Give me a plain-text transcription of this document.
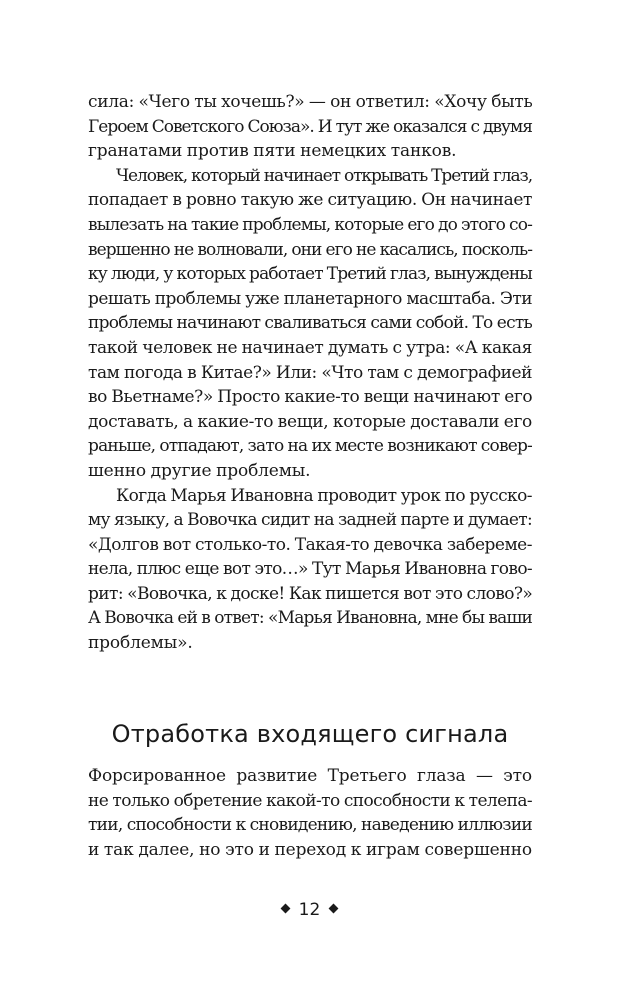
сила: «Чего ты хочешь?» — он ответил: «Хочу быть
Героем Советского Союза». И тут же оказался с двумя
гранатами против пяти немецких танков.
Человек, который начинает открывать Третий глаз,
попадает в ровно такую же ситуацию. Он начинает
вылезать на такие проблемы, которые его до этого со-
вершенно не волновали, они его не касались, посколь-
ку люди, у которых работает Третий глаз, вынуждены
решать проблемы уже планетарного масштаба. Эти
проблемы начинают сваливаться сами собой. То есть
такой человек не начинает думать с утра: «А какая
там погода в Китае?» Или: «Что там с демографией
во Вьетнаме?» Просто какие-то вещи начинают его
доставать, а какие-то вещи, которые доставали его
раньше, отпадают, зато на их месте возникают совер-
шенно другие проблемы.
Когда Марья Ивановна проводит урок по русско-
му языку, а Вовочка сидит на задней парте и думает:
«Долгов вот столько-то. Такая-то девочка забереме-
нела, плюс еще вот это…» Тут Марья Ивановна гово-
рит: «Вовочка, к доске! Как пишется вот это слово?»
А Вовочка ей в ответ: «Марья Ивановна, мне бы ваши
проблемы».
Отработка входящего сигнала
Форсированное развитие Третьего глаза — это
не только обретение какой-то способности к телепа-
тии, способности к сновидению, наведению иллюзии
и так далее, но это и переход к играм совершенно
12
